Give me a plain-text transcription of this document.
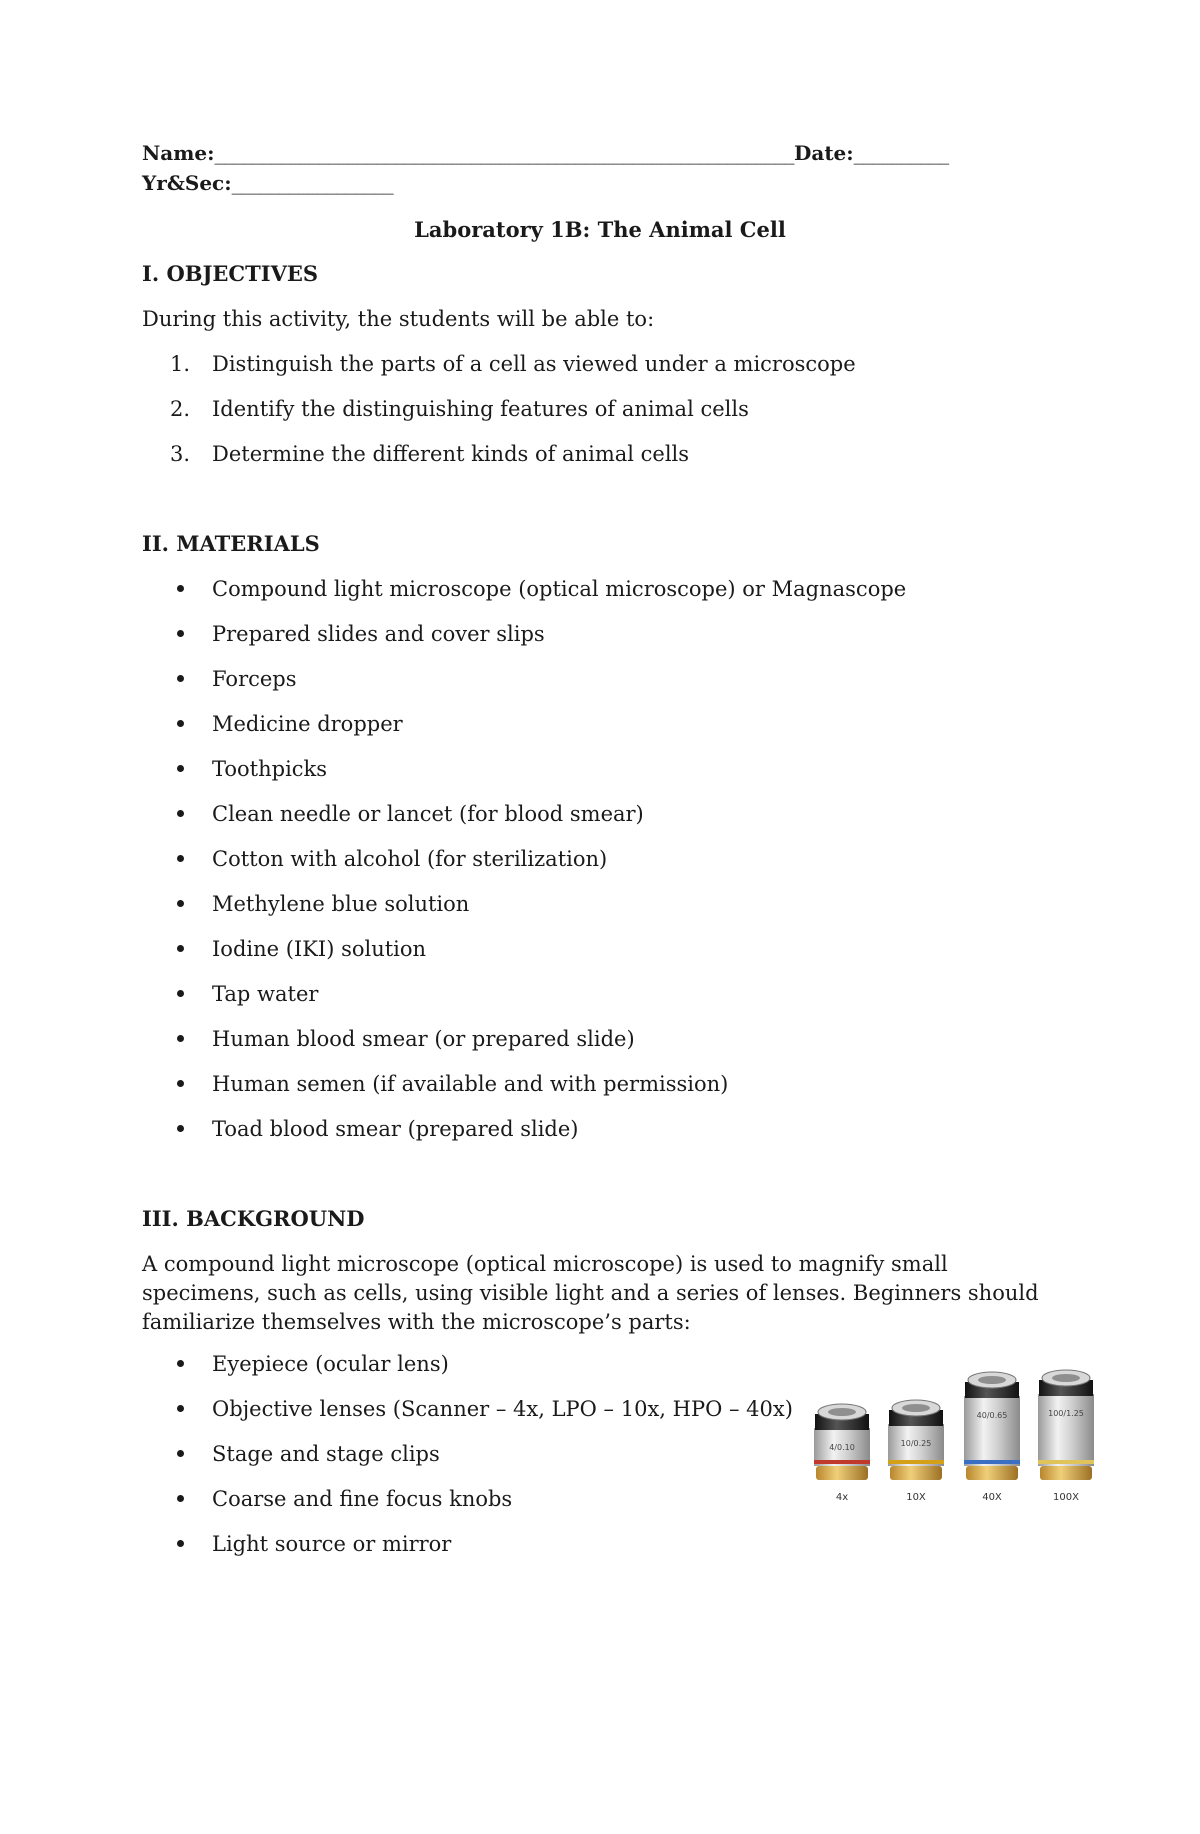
Name:_____________________________________________________________Date:__________
Yr&Sec:_________________
Laboratory 1B: The Animal Cell
I. OBJECTIVES
During this activity, the students will be able to:
1. Distinguish the parts of a cell as viewed under a microscope
2. Identify the distinguishing features of animal cells
3. Determine the different kinds of animal cells
II. MATERIALS
Compound light microscope (optical microscope) or Magnascope
Prepared slides and cover slips
Forceps
Medicine dropper
Toothpicks
Clean needle or lancet (for blood smear)
Cotton with alcohol (for sterilization)
Methylene blue solution
Iodine (IKI) solution
Tap water
Human blood smear (or prepared slide)
Human semen (if available and with permission)
Toad blood smear (prepared slide)
III. BACKGROUND
A compound light microscope (optical microscope) is used to magnify small specimens, such as cells, using visible light and a series of lenses. Beginners should familiarize themselves with the microscope’s parts:
Eyepiece (ocular lens)
Objective lenses (Scanner – 4x, LPO – 10x, HPO – 40x)
Stage and stage clips
Coarse and fine focus knobs
Light source or mirror
4/0.10
4x
10/0.25
10X
40/0.65
40X
100/1.25
100X
